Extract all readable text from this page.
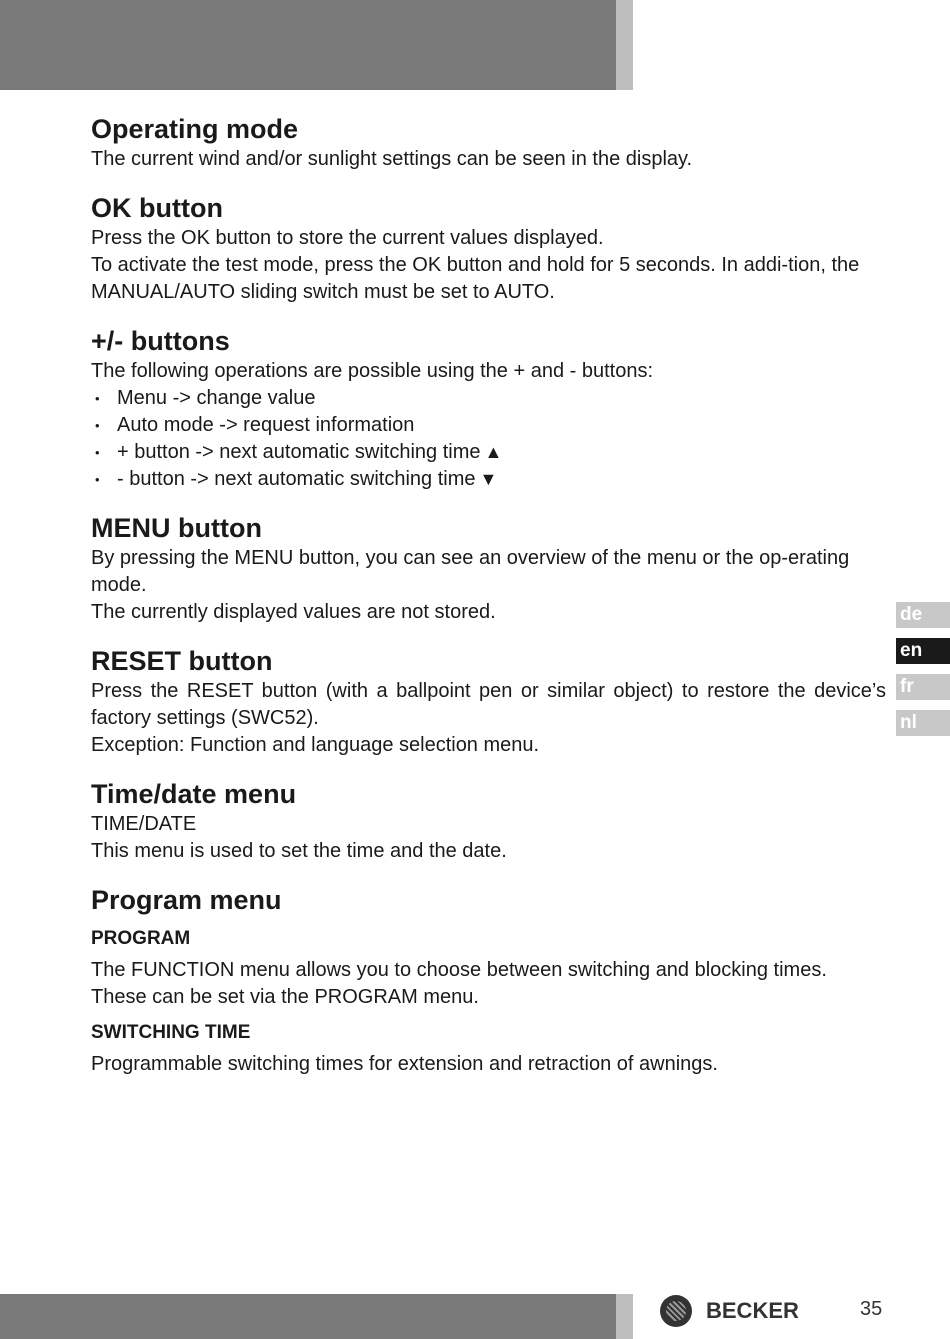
Operating mode

The current wind and/or sunlight settings can be seen in the display.

OK button

Press the OK button to store the current values displayed.

To activate the test mode, press the OK button and hold for 5 seconds. In addi-tion, the MANUAL/AUTO sliding switch must be set to AUTO.

+/- buttons

The following operations are possible using the + and - buttons:

• Menu -> change value
• Auto mode -> request information
• + button -> next automatic switching time ▲
• - button -> next automatic switching time ▼
MENU button

By pressing the MENU button, you can see an overview of the menu or the op-erating mode.

The currently displayed values are not stored.

RESET button

Press the RESET button (with a ballpoint pen or similar object) to restore the device’s factory settings (SWC52).

Exception: Function and language selection menu.

Time/date menu

TIME/DATE

This menu is used to set the time and the date.

Program menu
PROGRAM

The FUNCTION menu allows you to choose between switching and blocking times.

These can be set via the PROGRAM menu.

SWITCHING TIME

Programmable switching times for extension and retraction of awnings.

de
en
fr
nl
BECKER	35
